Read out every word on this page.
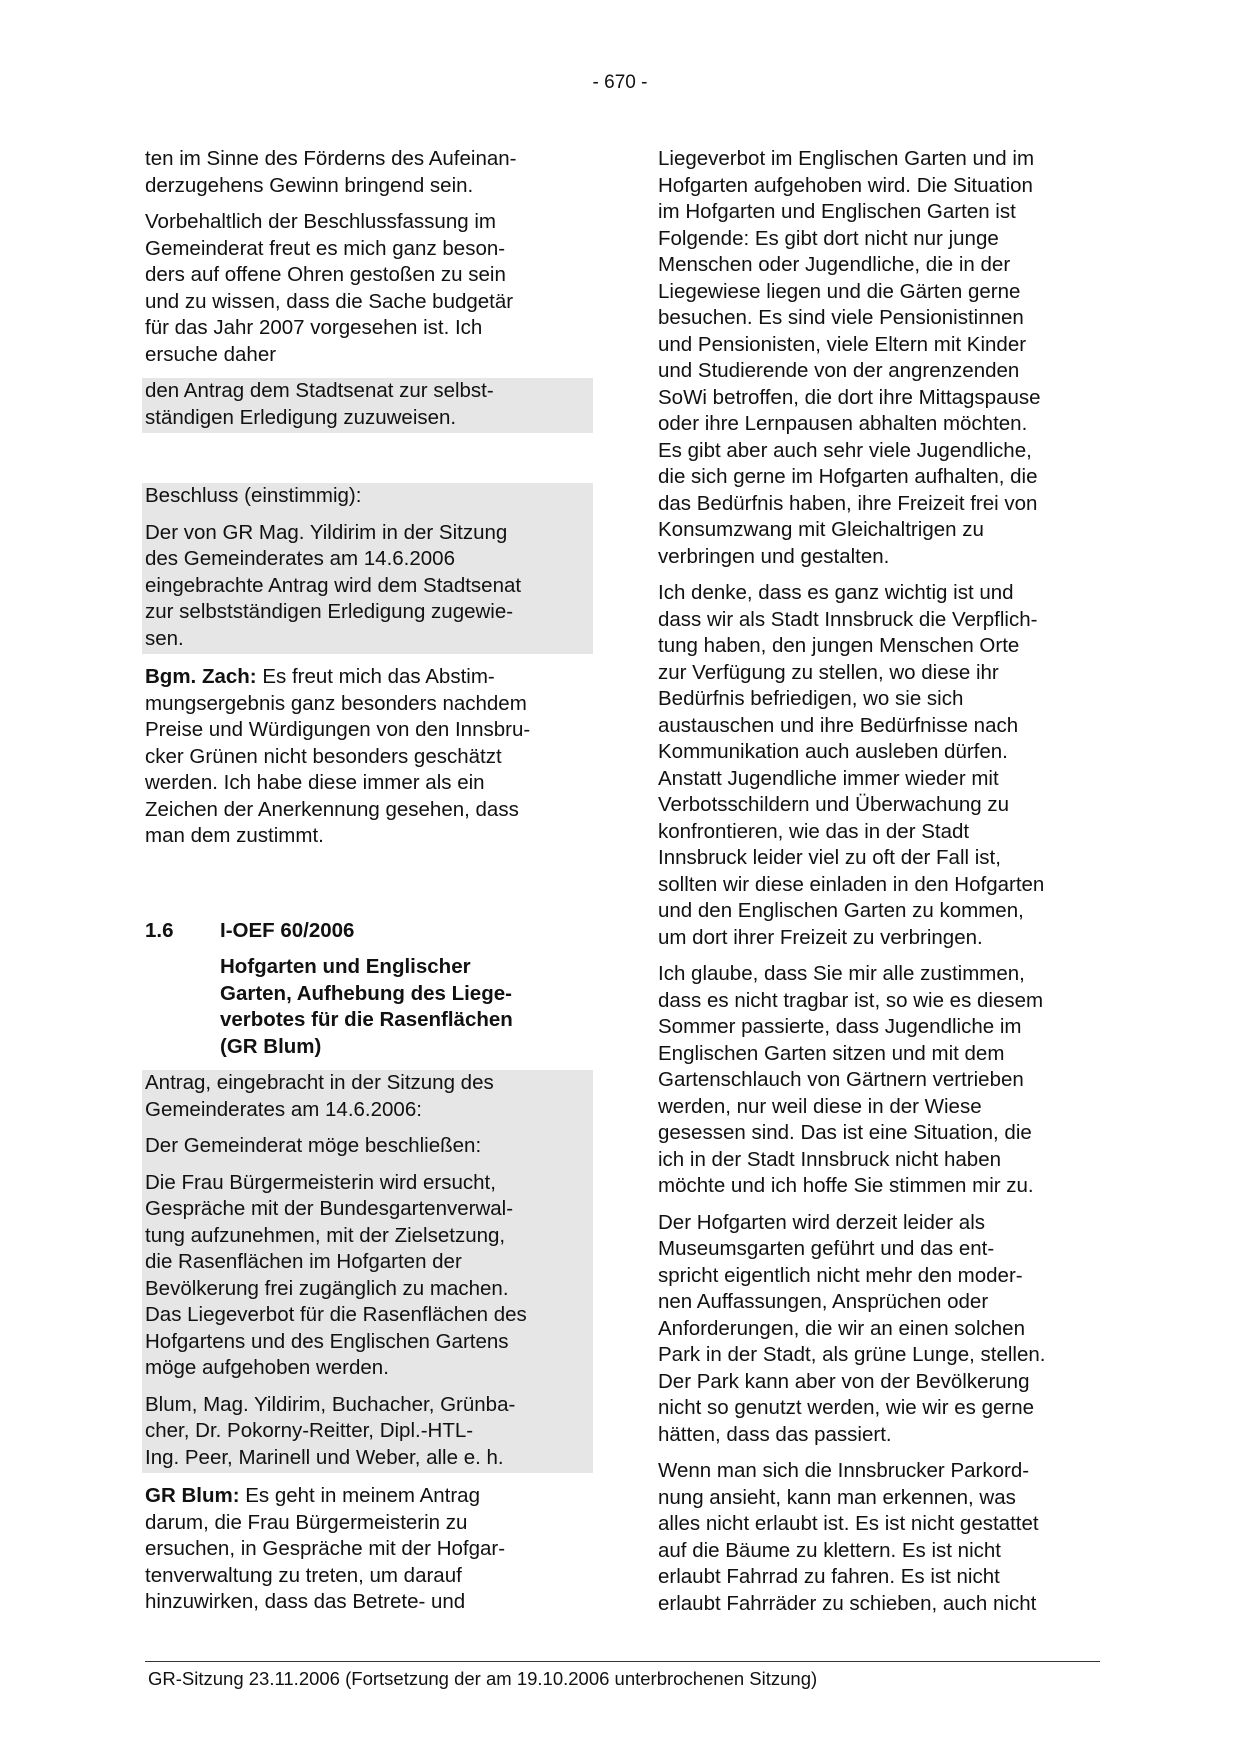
- 670 -

ten im Sinne des Förderns des Aufeinan-
derzugehens Gewinn bringend sein.

Vorbehaltlich der Beschlussfassung im
Gemeinderat freut es mich ganz beson-
ders auf offene Ohren gestoßen zu sein
und zu wissen, dass die Sache budgetär
für das Jahr 2007 vorgesehen ist. Ich
ersuche daher

den Antrag dem Stadtsenat zur selbst-
ständigen Erledigung zuzuweisen.

Beschluss (einstimmig):

Der von GR Mag. Yildirim in der Sitzung
des Gemeinderates am 14.6.2006
eingebrachte Antrag wird dem Stadtsenat
zur selbstständigen Erledigung zugewie-
sen.

Bgm. Zach: Es freut mich das Abstim-
mungsergebnis ganz besonders nachdem
Preise und Würdigungen von den Innsbru-
cker Grünen nicht besonders geschätzt
werden. Ich habe diese immer als ein
Zeichen der Anerkennung gesehen, dass
man dem zustimmt.

1.6	I-OEF 60/2006

Hofgarten und Englischer
Garten, Aufhebung des Liege-
verbotes für die Rasenflächen
(GR Blum)

Antrag, eingebracht in der Sitzung des
Gemeinderates am 14.6.2006:

Der Gemeinderat möge beschließen:

Die Frau Bürgermeisterin wird ersucht,
Gespräche mit der Bundesgartenverwal-
tung aufzunehmen, mit der Zielsetzung,
die Rasenflächen im Hofgarten der
Bevölkerung frei zugänglich zu machen.
Das Liegeverbot für die Rasenflächen des
Hofgartens und des Englischen Gartens
möge aufgehoben werden.

Blum, Mag. Yildirim, Buchacher, Grünba-
cher, Dr. Pokorny-Reitter, Dipl.-HTL-
Ing. Peer, Marinell und Weber, alle e. h.

GR Blum: Es geht in meinem Antrag
darum, die Frau Bürgermeisterin zu
ersuchen, in Gespräche mit der Hofgar-
tenverwaltung zu treten, um darauf
hinzuwirken, dass das Betrete- und

Liegeverbot im Englischen Garten und im
Hofgarten aufgehoben wird. Die Situation
im Hofgarten und Englischen Garten ist
Folgende: Es gibt dort nicht nur junge
Menschen oder Jugendliche, die in der
Liegewiese liegen und die Gärten gerne
besuchen. Es sind viele Pensionistinnen
und Pensionisten, viele Eltern mit Kinder
und Studierende von der angrenzenden
SoWi betroffen, die dort ihre Mittagspause
oder ihre Lernpausen abhalten möchten.
Es gibt aber auch sehr viele Jugendliche,
die sich gerne im Hofgarten aufhalten, die
das Bedürfnis haben, ihre Freizeit frei von
Konsumzwang mit Gleichaltrigen zu
verbringen und gestalten.

Ich denke, dass es ganz wichtig ist und
dass wir als Stadt Innsbruck die Verpflich-
tung haben, den jungen Menschen Orte
zur Verfügung zu stellen, wo diese ihr
Bedürfnis befriedigen, wo sie sich
austauschen und ihre Bedürfnisse nach
Kommunikation auch ausleben dürfen.
Anstatt Jugendliche immer wieder mit
Verbotsschildern und Überwachung zu
konfrontieren, wie das in der Stadt
Innsbruck leider viel zu oft der Fall ist,
sollten wir diese einladen in den Hofgarten
und den Englischen Garten zu kommen,
um dort ihrer Freizeit zu verbringen.

Ich glaube, dass Sie mir alle zustimmen,
dass es nicht tragbar ist, so wie es diesem
Sommer passierte, dass Jugendliche im
Englischen Garten sitzen und mit dem
Gartenschlauch von Gärtnern vertrieben
werden, nur weil diese in der Wiese
gesessen sind. Das ist eine Situation, die
ich in der Stadt Innsbruck nicht haben
möchte und ich hoffe Sie stimmen mir zu.

Der Hofgarten wird derzeit leider als
Museumsgarten geführt und das ent-
spricht eigentlich nicht mehr den moder-
nen Auffassungen, Ansprüchen oder
Anforderungen, die wir an einen solchen
Park in der Stadt, als grüne Lunge, stellen.
Der Park kann aber von der Bevölkerung
nicht so genutzt werden, wie wir es gerne
hätten, dass das passiert.

Wenn man sich die Innsbrucker Parkord-
nung ansieht, kann man erkennen, was
alles nicht erlaubt ist. Es ist nicht gestattet
auf die Bäume zu klettern. Es ist nicht
erlaubt Fahrrad zu fahren. Es ist nicht
erlaubt Fahrräder zu schieben, auch nicht

GR-Sitzung 23.11.2006 (Fortsetzung der am 19.10.2006 unterbrochenen Sitzung)
